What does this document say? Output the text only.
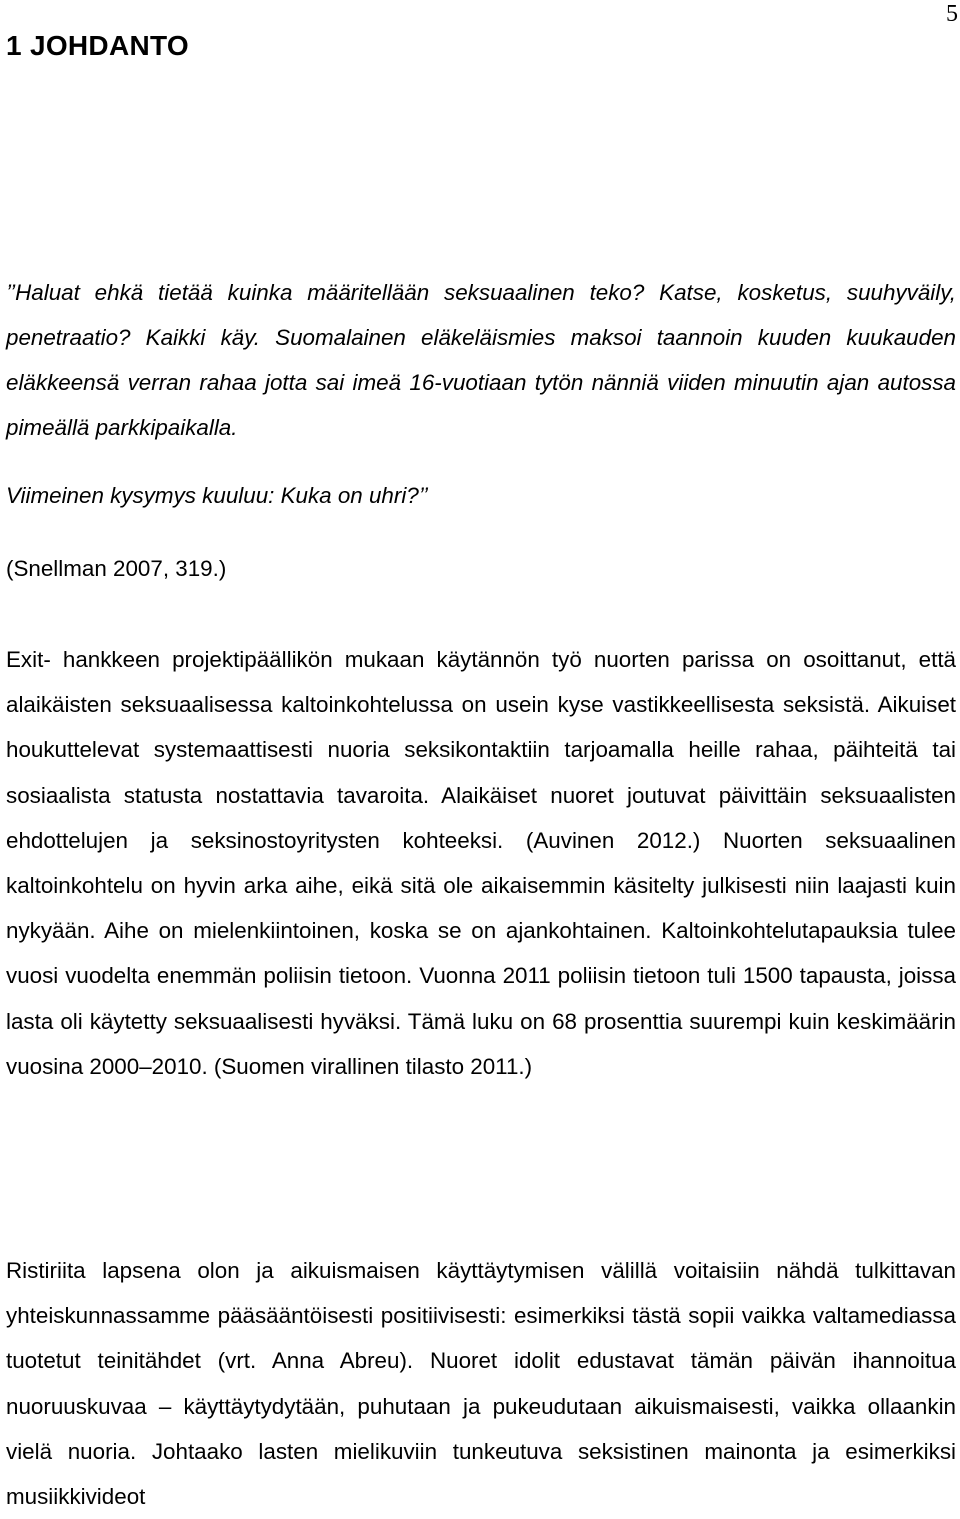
5
1 JOHDANTO

’’Haluat ehkä tietää kuinka määritellään seksuaalinen teko? Katse, kosketus, suuhyväily, penetraatio? Kaikki käy. Suomalainen eläkeläismies maksoi taannoin kuuden kuukauden eläkkeensä verran rahaa jotta sai imeä 16-vuotiaan tytön nänniä viiden minuutin ajan autossa pimeällä parkkipaikalla.

Viimeinen kysymys kuuluu: Kuka on uhri?’’

(Snellman 2007, 319.)

Exit- hankkeen projektipäällikön mukaan käytännön työ nuorten parissa on osoittanut, että alaikäisten seksuaalisessa kaltoinkohtelussa on usein kyse vastikkeellisesta seksistä. Aikuiset houkuttelevat systemaattisesti nuoria seksikontaktiin tarjoamalla heille rahaa, päihteitä tai sosiaalista statusta nostattavia tavaroita. Alaikäiset nuoret joutuvat päivittäin seksuaalisten ehdottelujen ja seksinostoyritysten kohteeksi. (Auvinen 2012.) Nuorten seksuaalinen kaltoinkohtelu on hyvin arka aihe, eikä sitä ole aikaisemmin käsitelty julkisesti niin laajasti kuin nykyään. Aihe on mielenkiintoinen, koska se on ajankohtainen. Kaltoinkohtelutapauksia tulee vuosi vuodelta enemmän poliisin tietoon. Vuonna 2011 poliisin tietoon tuli 1500 tapausta, joissa lasta oli käytetty seksuaalisesti hyväksi. Tämä luku on 68 prosenttia suurempi kuin keskimäärin vuosina 2000‒2010. (Suomen virallinen tilasto 2011.)

Ristiriita lapsena olon ja aikuismaisen käyttäytymisen välillä voitaisiin nähdä tulkittavan yhteiskunnassamme pääsääntöisesti positiivisesti: esimerkiksi tästä sopii vaikka valtamediassa tuotetut teinitähdet (vrt. Anna Abreu). Nuoret idolit edustavat tämän päivän ihannoitua nuoruuskuvaa ‒ käyttäytydytään, puhutaan ja pukeudutaan aikuismaisesti, vaikka ollaankin vielä nuoria. Johtaako lasten mielikuviin tunkeutuva seksistinen mainonta ja esimerkiksi musiikkivideot
